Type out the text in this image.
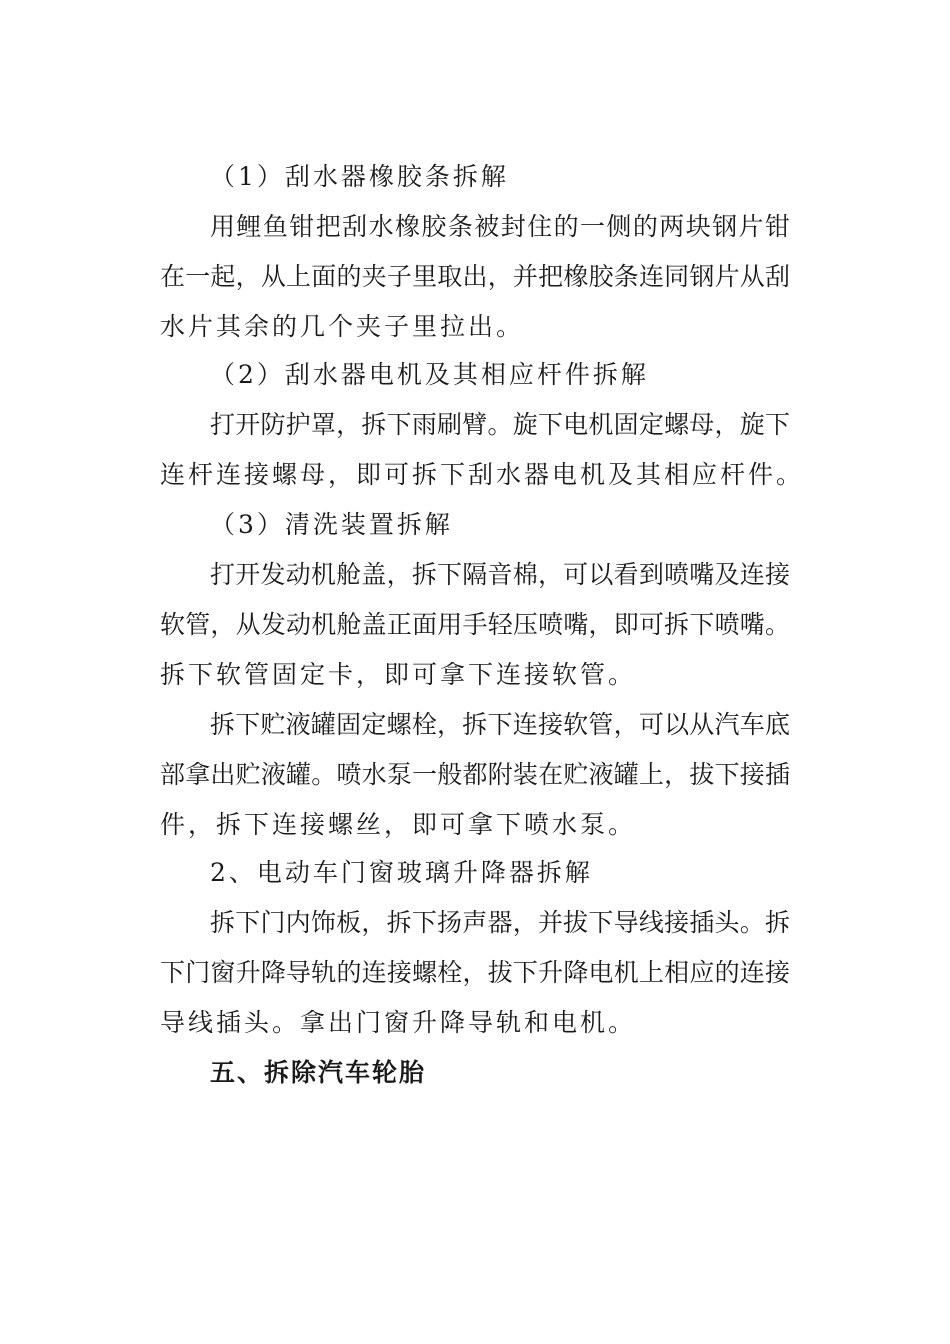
（1）刮水器橡胶条拆解
用鲤鱼钳把刮水橡胶条被封住的一侧的两块钢片钳
在一起，从上面的夹子里取出，并把橡胶条连同钢片从刮
水片其余的几个夹子里拉出。
（2）刮水器电机及其相应杆件拆解
打开防护罩，拆下雨刷臂。旋下电机固定螺母，旋下
连杆连接螺母，即可拆下刮水器电机及其相应杆件。
（3）清洗装置拆解
打开发动机舱盖，拆下隔音棉，可以看到喷嘴及连接
软管，从发动机舱盖正面用手轻压喷嘴，即可拆下喷嘴。
拆下软管固定卡，即可拿下连接软管。
拆下贮液罐固定螺栓，拆下连接软管，可以从汽车底
部拿出贮液罐。喷水泵一般都附装在贮液罐上，拔下接插
件，拆下连接螺丝，即可拿下喷水泵。
2、电动车门窗玻璃升降器拆解
拆下门内饰板，拆下扬声器，并拔下导线接插头。拆
下门窗升降导轨的连接螺栓，拔下升降电机上相应的连接
导线插头。拿出门窗升降导轨和电机。
五、拆除汽车轮胎
